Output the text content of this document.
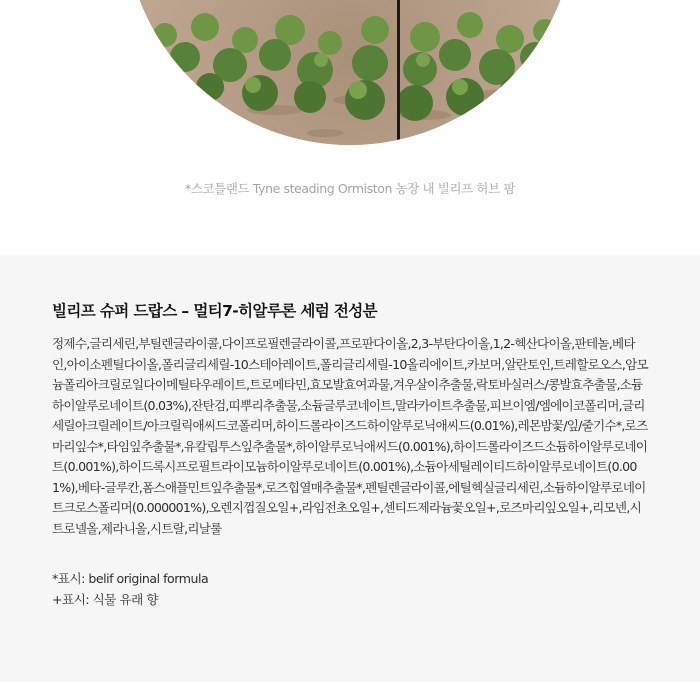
*스코틀랜드 Tyne steading Ormiston 농장 내 빌리프 허브 팜

빌리프 슈퍼 드랍스 – 멀티7-히알루론 세럼 전성분

정제수,글리세린,부틸렌글라이콜,다이프로필렌글라이콜,프로판다이올,2,3-부탄다이올,1,2-헥산다이올,판테놀,베타인,아이소펜틸다이올,폴리글리세릴-10스테아레이트,폴리글리세릴-10올리에이트,카보머,알란토인,트레할로오스,암모늄폴리아크릴로일다이메틸타우레이트,트로메타민,효모발효여과물,겨우살이추출물,락토바실러스/콩발효추출물,소듐하이알루로네이트(0.03%),잔탄검,띠뿌리추출물,소듐글루코네이트,말라카이트추출물,피브이엠/엠에이코폴리머,글리세릴아크릴레이트/아크릴릭애씨드코폴리머,하이드롤라이즈드하이알루로닉애씨드(0.01%),레몬밤꽃/잎/줄기수*,로즈마리잎수*,타임잎추출물*,유칼립투스잎추출물*,하이알루로닉애씨드(0.001%),하이드롤라이즈드소듐하이알루로네이트(0.001%),하이드록시프로필트라이모늄하이알루로네이트(0.001%),소듐아세틸레이티드하이알루로네이트(0.001%),베타-글루칸,폼스애플민트잎추출물*,로즈힙열매추출물*,펜틸렌글라이콜,에틸헥실글리세린,소듐하이알루로네이트크로스폴리머(0.000001%),오렌지껍질오일+,라임전초오일+,센티드제라늄꽃오일+,로즈마리잎오일+,리모넨,시트로넬올,제라니올,시트랄,리날룰

*표시: belif original formula

+표시: 식물 유래 향
